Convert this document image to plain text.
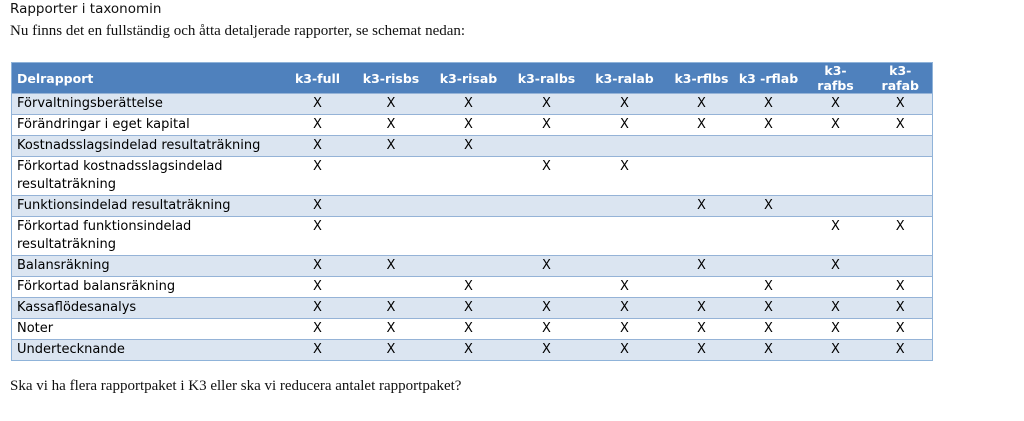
Rapporter i taxonomin
Nu finns det en fullständig och åtta detaljerade rapporter, se schemat nedan:
Delrapport	k3-full	k3-risbs	k3-risab	k3-ralbs	k3-ralab	k3-rflbs	k3 -rflab	k3-rafbs	k3-rafab
Förvaltningsberättelse	X	X	X	X	X	X	X	X	X
Förändringar i eget kapital	X	X	X	X	X	X	X	X	X
Kostnadsslagsindelad resultaträkning	X	X	X						
Förkortad kostnadsslagsindelad resultaträkning	X			X	X				
Funktionsindelad resultaträkning	X					X	X		
Förkortad funktionsindelad resultaträkning	X							X	X
Balansräkning	X	X		X		X		X	
Förkortad balansräkning	X		X		X		X		X
Kassaflödesanalys	X	X	X	X	X	X	X	X	X
Noter	X	X	X	X	X	X	X	X	X
Undertecknande	X	X	X	X	X	X	X	X	X
Ska vi ha flera rapportpaket i K3 eller ska vi reducera antalet rapportpaket?
